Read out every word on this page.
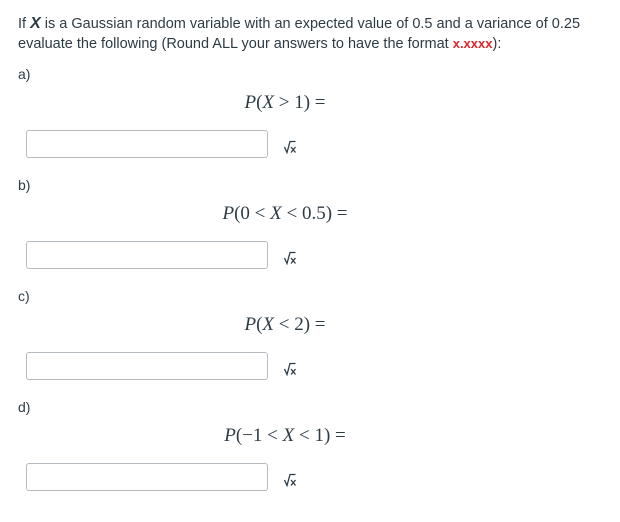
If X is a Gaussian random variable with an expected value of 0.5 and a variance of 0.25 evaluate the following (Round ALL your answers to have the format x.xxxx):
a)
P(X > 1) =
b)
P(0 < X < 0.5) =
c)
P(X < 2) =
d)
P(−1 < X < 1) =
